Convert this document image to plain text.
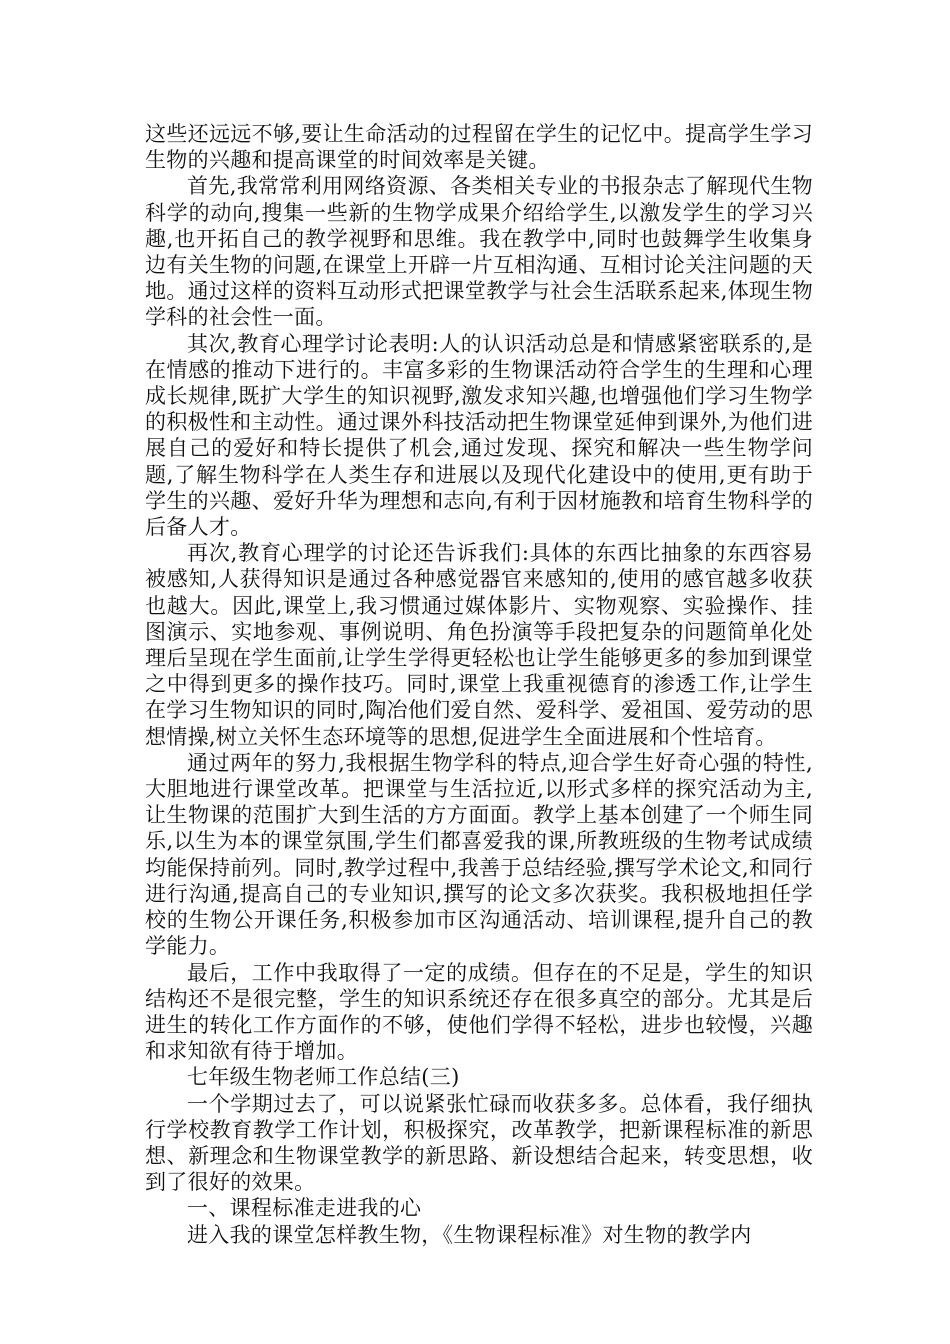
这些还远远不够,要让生命活动的过程留在学生的记忆中。提高学生学习生物的兴趣和提高课堂的时间效率是关键。

首先,我常常利用网络资源、各类相关专业的书报杂志了解现代生物科学的动向,搜集一些新的生物学成果介绍给学生,以激发学生的学习兴趣,也开拓自己的教学视野和思维。我在教学中,同时也鼓舞学生收集身边有关生物的问题,在课堂上开辟一片互相沟通、互相讨论关注问题的天地。通过这样的资料互动形式把课堂教学与社会生活联系起来,体现生物学科的社会性一面。

其次,教育心理学讨论表明:人的认识活动总是和情感紧密联系的,是在情感的推动下进行的。丰富多彩的生物课活动符合学生的生理和心理成长规律,既扩大学生的知识视野,激发求知兴趣,也增强他们学习生物学的积极性和主动性。通过课外科技活动把生物课堂延伸到课外,为他们进展自己的爱好和特长提供了机会,通过发现、探究和解决一些生物学问题,了解生物科学在人类生存和进展以及现代化建设中的使用,更有助于学生的兴趣、爱好升华为理想和志向,有利于因材施教和培育生物科学的后备人才。

再次,教育心理学的讨论还告诉我们:具体的东西比抽象的东西容易被感知,人获得知识是通过各种感觉器官来感知的,使用的感官越多收获也越大。因此,课堂上,我习惯通过媒体影片、实物观察、实验操作、挂图演示、实地参观、事例说明、角色扮演等手段把复杂的问题简单化处理后呈现在学生面前,让学生学得更轻松也让学生能够更多的参加到课堂之中得到更多的操作技巧。同时,课堂上我重视德育的渗透工作,让学生在学习生物知识的同时,陶冶他们爱自然、爱科学、爱祖国、爱劳动的思想情操,树立关怀生态环境等的思想,促进学生全面进展和个性培育。

通过两年的努力,我根据生物学科的特点,迎合学生好奇心强的特性,大胆地进行课堂改革。把课堂与生活拉近,以形式多样的探究活动为主,让生物课的范围扩大到生活的方方面面。教学上基本创建了一个师生同乐,以生为本的课堂氛围,学生们都喜爱我的课,所教班级的生物考试成绩均能保持前列。同时,教学过程中,我善于总结经验,撰写学术论文,和同行进行沟通,提高自己的专业知识,撰写的论文多次获奖。我积极地担任学校的生物公开课任务,积极参加市区沟通活动、培训课程,提升自己的教学能力。

最后，工作中我取得了一定的成绩。但存在的不足是，学生的知识结构还不是很完整，学生的知识系统还存在很多真空的部分。尤其是后进生的转化工作方面作的不够，使他们学得不轻松，进步也较慢，兴趣和求知欲有待于增加。

七年级生物老师工作总结(三)

一个学期过去了，可以说紧张忙碌而收获多多。总体看，我仔细执行学校教育教学工作计划，积极探究，改革教学，把新课程标准的新思想、新理念和生物课堂教学的新思路、新设想结合起来，转变思想，收到了很好的效果。

一、课程标准走进我的心

进入我的课堂怎样教生物，《生物课程标准》对生物的教学内
